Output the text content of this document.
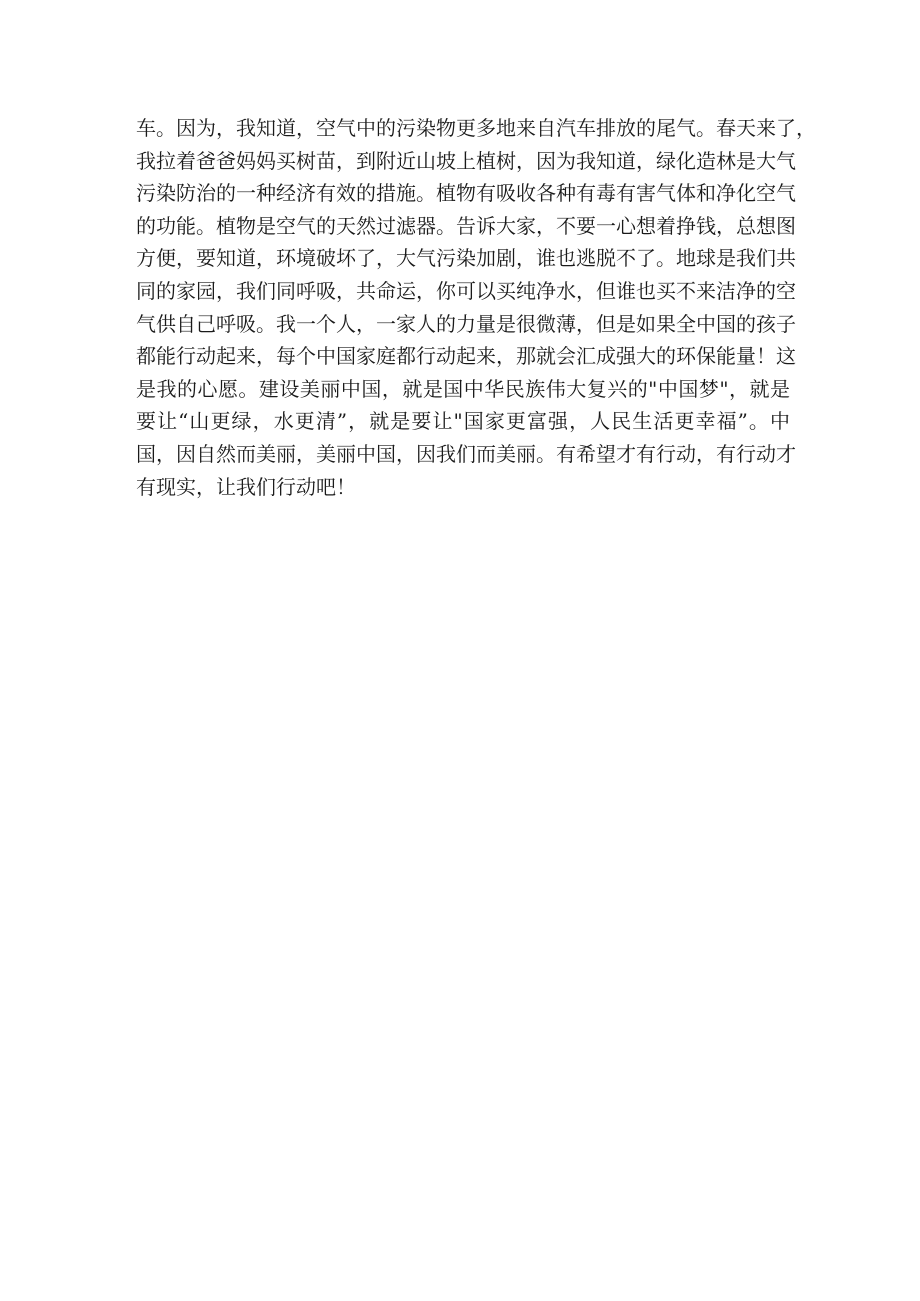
车。因为，我知道，空气中的污染物更多地来自汽车排放的尾气。春天来了，
我拉着爸爸妈妈买树苗，到附近山坡上植树，因为我知道，绿化造林是大气
污染防治的一种经济有效的措施。植物有吸收各种有毒有害气体和净化空气
的功能。植物是空气的天然过滤器。告诉大家，不要一心想着挣钱，总想图
方便，要知道，环境破坏了，大气污染加剧，谁也逃脱不了。地球是我们共
同的家园，我们同呼吸，共命运，你可以买纯净水，但谁也买不来洁净的空
气供自己呼吸。我一个人，一家人的力量是很微薄，但是如果全中国的孩子
都能行动起来，每个中国家庭都行动起来，那就会汇成强大的环保能量！这
是我的心愿。建设美丽中国，就是国中华民族伟大复兴的"中国梦"，就是
要让“山更绿，水更清”，就是要让"国家更富强，人民生活更幸福”。中
国，因自然而美丽，美丽中国，因我们而美丽。有希望才有行动，有行动才
有现实，让我们行动吧！
